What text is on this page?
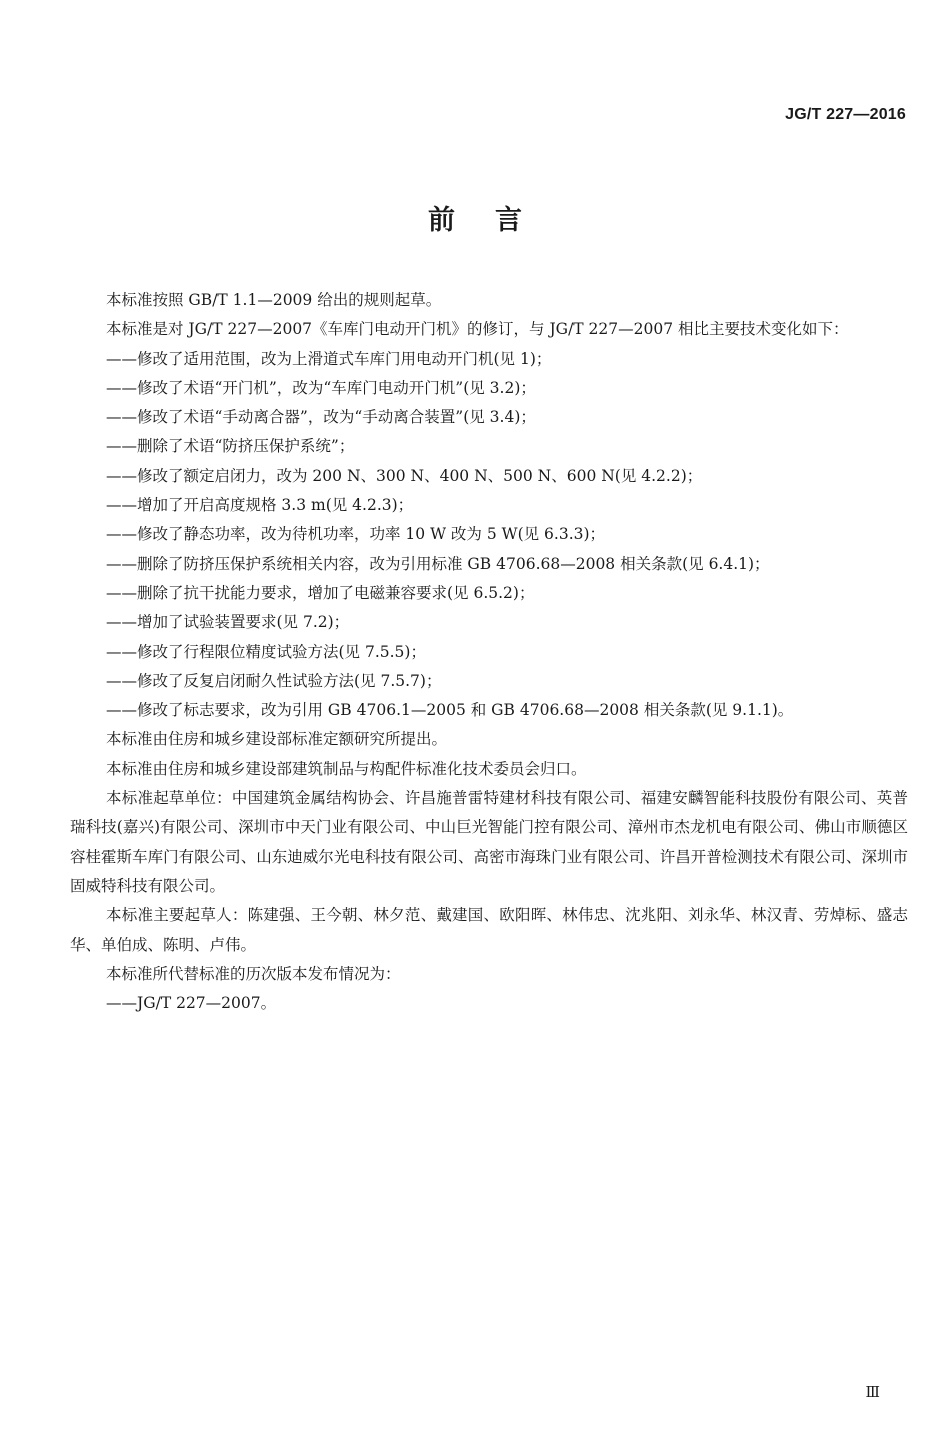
JG/T 227—2016
前言

本标准按照 GB/T 1.1—2009 给出的规则起草。

本标准是对 JG/T 227—2007《车库门电动开门机》的修订，与 JG/T 227—2007 相比主要技术变化如下：

——修改了适用范围，改为上滑道式车库门用电动开门机(见 1)；

——修改了术语“开门机”，改为“车库门电动开门机”(见 3.2)；

——修改了术语“手动离合器”，改为“手动离合装置”(见 3.4)；

——删除了术语“防挤压保护系统”；

——修改了额定启闭力，改为 200 N、300 N、400 N、500 N、600 N(见 4.2.2)；

——增加了开启高度规格 3.3 m(见 4.2.3)；

——修改了静态功率，改为待机功率，功率 10 W 改为 5 W(见 6.3.3)；

——删除了防挤压保护系统相关内容，改为引用标准 GB 4706.68—2008 相关条款(见 6.4.1)；

——删除了抗干扰能力要求，增加了电磁兼容要求(见 6.5.2)；

——增加了试验装置要求(见 7.2)；

——修改了行程限位精度试验方法(见 7.5.5)；

——修改了反复启闭耐久性试验方法(见 7.5.7)；

——修改了标志要求，改为引用 GB 4706.1—2005 和 GB 4706.68—2008 相关条款(见 9.1.1)。

本标准由住房和城乡建设部标准定额研究所提出。

本标准由住房和城乡建设部建筑制品与构配件标准化技术委员会归口。

本标准起草单位：中国建筑金属结构协会、许昌施普雷特建材科技有限公司、福建安麟智能科技股份有限公司、英普瑞科技(嘉兴)有限公司、深圳市中天门业有限公司、中山巨光智能门控有限公司、漳州市杰龙机电有限公司、佛山市顺德区容桂霍斯车库门有限公司、山东迪威尔光电科技有限公司、高密市海珠门业有限公司、许昌开普检测技术有限公司、深圳市固威特科技有限公司。

本标准主要起草人：陈建强、王今朝、林夕范、戴建国、欧阳晖、林伟忠、沈兆阳、刘永华、林汉青、劳焯标、盛志华、单伯成、陈明、卢伟。

本标准所代替标准的历次版本发布情况为：

——JG/T 227—2007。

Ⅲ
